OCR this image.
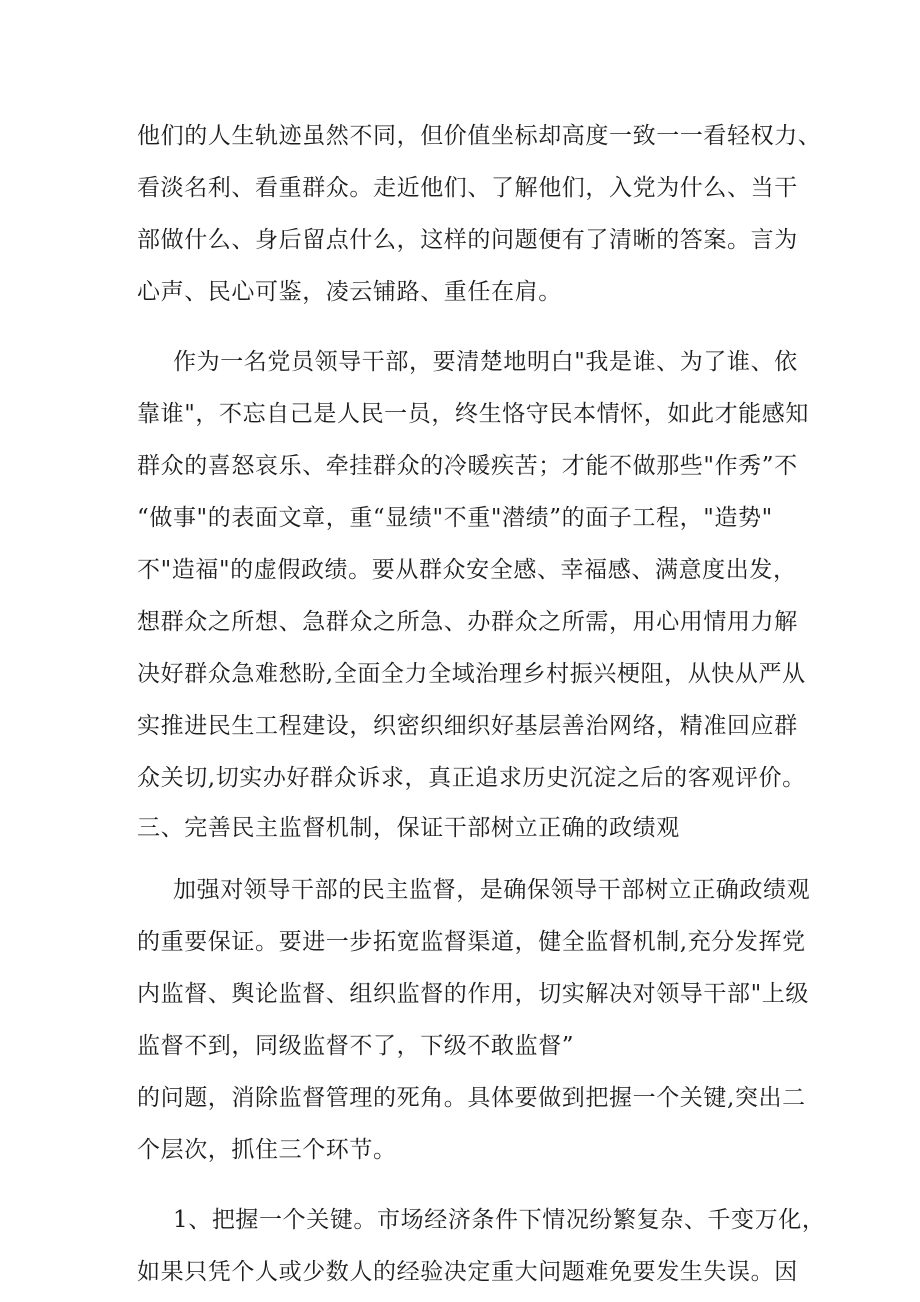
他们的人生轨迹虽然不同，但价值坐标却高度一致一一看轻权力、
看淡名利、看重群众。走近他们、了解他们，入党为什么、当干
部做什么、身后留点什么，这样的问题便有了清晰的答案。言为
心声、民心可鉴，凌云铺路、重任在肩。
作为一名党员领导干部，要清楚地明白"我是谁、为了谁、依
靠谁"，不忘自己是人民一员，终生恪守民本情怀，如此才能感知
群众的喜怒哀乐、牵挂群众的冷暖疾苦；才能不做那些"作秀”不
“做事"的表面文章，重“显绩"不重"潜绩”的面子工程，"造势"
不"造福"的虚假政绩。要从群众安全感、幸福感、满意度出发，
想群众之所想、急群众之所急、办群众之所需，用心用情用力解
决好群众急难愁盼,全面全力全域治理乡村振兴梗阻，从快从严从
实推进民生工程建设，织密织细织好基层善治网络，精准回应群
众关切,切实办好群众诉求，真正追求历史沉淀之后的客观评价。
三、完善民主监督机制，保证干部树立正确的政绩观
加强对领导干部的民主监督，是确保领导干部树立正确政绩观
的重要保证。要进一步拓宽监督渠道，健全监督机制,充分发挥党
内监督、舆论监督、组织监督的作用，切实解决对领导干部"上级
监督不到，同级监督不了，下级不敢监督”
的问题，消除监督管理的死角。具体要做到把握一个关键,突出二
个层次，抓住三个环节。
1、把握一个关键。市场经济条件下情况纷繁复杂、千变万化，
如果只凭个人或少数人的经验决定重大问题难免要发生失误。因
